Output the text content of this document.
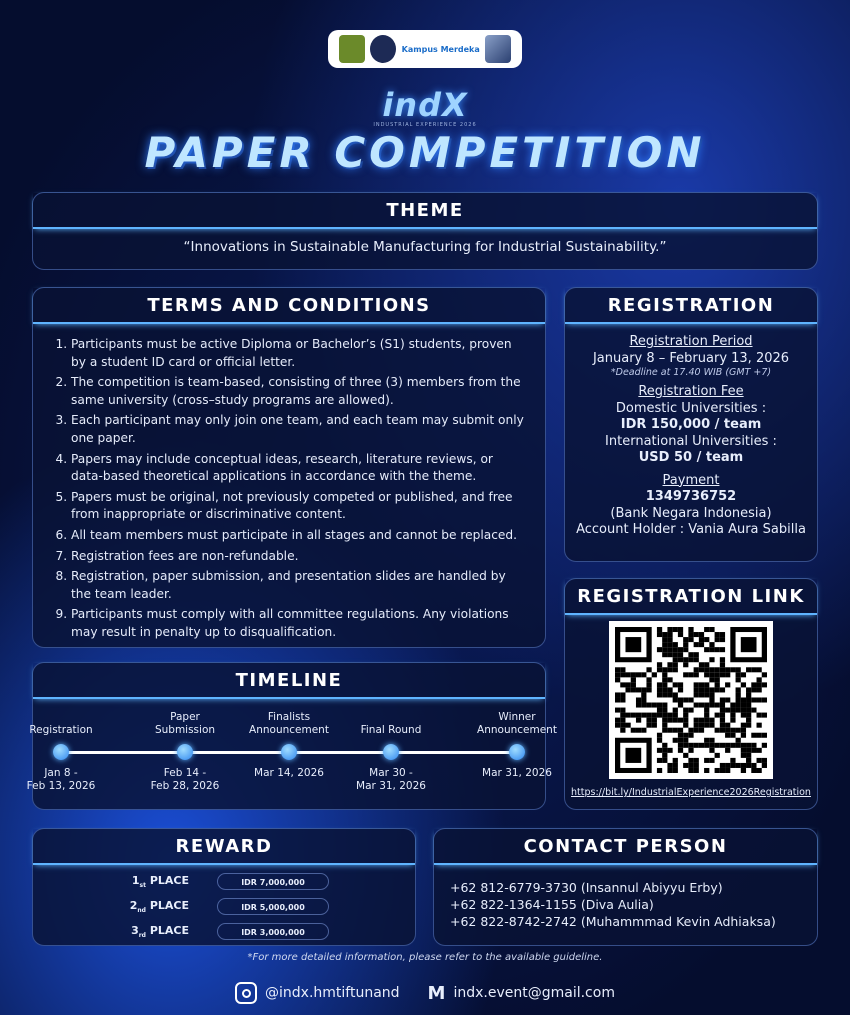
Kampus Merdeka
indX
INDUSTRIAL EXPERIENCE 2026
PAPER COMPETITION
THEME
“Innovations in Sustainable Manufacturing for Industrial Sustainability.”
TERMS AND CONDITIONS
1. Participants must be active Diploma or Bachelor’s (S1) students, proven by a student ID card or official letter.
2. The competition is team-based, consisting of three (3) members from the same university (cross–study programs are allowed).
3. Each participant may only join one team, and each team may submit only one paper.
4. Papers may include conceptual ideas, research, literature reviews, or data-based theoretical applications in accordance with the theme.
5. Papers must be original, not previously competed or published, and free from inappropriate or discriminative content.
6. All team members must participate in all stages and cannot be replaced.
7. Registration fees are non-refundable.
8. Registration, paper submission, and presentation slides are handled by the team leader.
9. Participants must comply with all committee regulations. Any violations may result in penalty up to disqualification.
REGISTRATION
Registration Period
January 8 – February 13, 2026
*Deadline at 17.40 WIB (GMT +7)
Registration Fee
Domestic Universities :
IDR 150,000 / team
International Universities :
USD 50 / team
Payment
1349736752
(Bank Negara Indonesia)
Account Holder : Vania Aura Sabilla
REGISTRATION LINK
https://bit.ly/IndustrialExperience2026Registration
TIMELINE
Registration
Jan 8 -
Feb 13, 2026
Paper
Submission
Feb 14 -
Feb 28, 2026
Finalists
Announcement
Mar 14, 2026
Final Round
Mar 30 -
Mar 31, 2026
Winner
Announcement
Mar 31, 2026
REWARD
$1_{st}$ PLACE	IDR 7,000,000
$2_{nd}$ PLACE	IDR 5,000,000
$3_{rd}$ PLACE	IDR 3,000,000
CONTACT PERSON
+62 812-6779-3730 (Insannul Abiyyu Erby)
+62 822-1364-1155 (Diva Aulia)
+62 822-8742-2742 (Muhammmad Kevin Adhiaksa)
*For more detailed information, please refer to the available guideline.
@indx.hmtiftunand M indx.event@gmail.com
